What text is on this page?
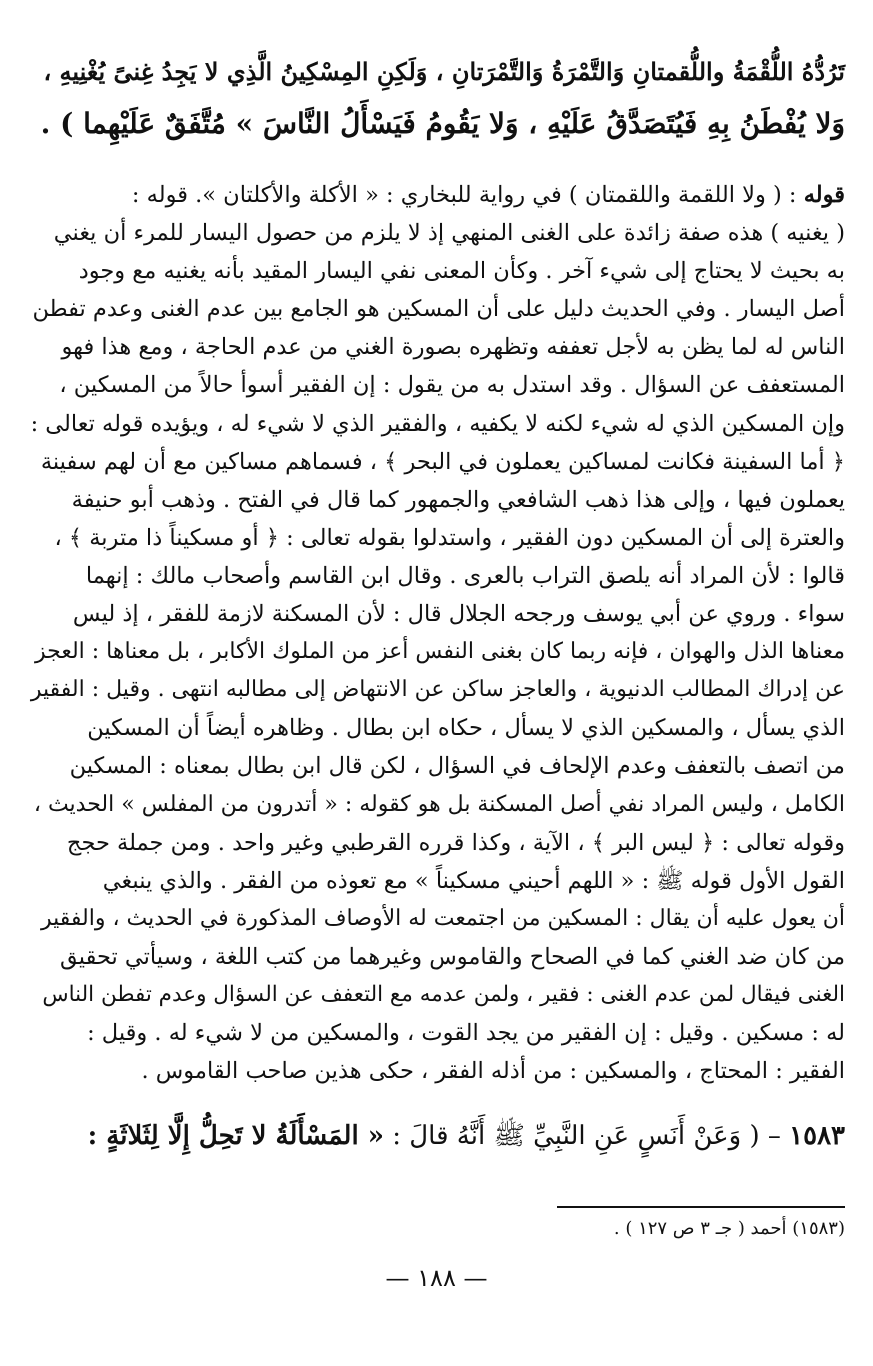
تَرُدُّهُ اللُّقْمَةُ واللُّقمتانِ وَالتَّمْرَةُ وَالتَّمْرَتانِ ، وَلَكِنِ المِسْكِينُ الَّذِي لا يَجِدُ غِنىً يُغْنِيهِ ،

وَلا يُفْطَنُ بِهِ فَيُتَصَدَّقُ عَلَيْهِ ، وَلا يَقُومُ فَيَسْأَلُ النَّاسَ » مُتَّفَقٌ عَلَيْهِما ) .

قوله : ( ولا اللقمة واللقمتان ) في رواية للبخاري : « الأكلة والأكلتان ». قوله :

( يغنيه ) هذه صفة زائدة على الغنى المنهي إذ لا يلزم من حصول اليسار للمرء أن يغني

به بحيث لا يحتاج إلى شيء آخر . وكأن المعنى نفي اليسار المقيد بأنه يغنيه مع وجود

أصل اليسار . وفي الحديث دليل على أن المسكين هو الجامع بين عدم الغنى وعدم تفطن

الناس له لما يظن به لأجل تعففه وتظهره بصورة الغني من عدم الحاجة ، ومع هذا فهو

المستعفف عن السؤال . وقد استدل به من يقول : إن الفقير أسوأ حالاً من المسكين ،

وإن المسكين الذي له شيء لكنه لا يكفيه ، والفقير الذي لا شيء له ، ويؤيده قوله تعالى :

﴿ أما السفينة فكانت لمساكين يعملون في البحر ﴾ ، فسماهم مساكين مع أن لهم سفينة

يعملون فيها ، وإلى هذا ذهب الشافعي والجمهور كما قال في الفتح . وذهب أبو حنيفة

والعترة إلى أن المسكين دون الفقير ، واستدلوا بقوله تعالى : ﴿ أو مسكيناً ذا متربة ﴾ ،

قالوا : لأن المراد أنه يلصق التراب بالعرى . وقال ابن القاسم وأصحاب مالك : إنهما

سواء . وروي عن أبي يوسف ورجحه الجلال قال : لأن المسكنة لازمة للفقر ، إذ ليس

معناها الذل والهوان ، فإنه ربما كان بغنى النفس أعز من الملوك الأكابر ، بل معناها : العجز

عن إدراك المطالب الدنيوية ، والعاجز ساكن عن الانتهاض إلى مطالبه انتهى . وقيل : الفقير

الذي يسأل ، والمسكين الذي لا يسأل ، حكاه ابن بطال . وظاهره أيضاً أن المسكين

من اتصف بالتعفف وعدم الإلحاف في السؤال ، لكن قال ابن بطال بمعناه : المسكين

الكامل ، وليس المراد نفي أصل المسكنة بل هو كقوله : « أتدرون من المفلس » الحديث ،

وقوله تعالى : ﴿ ليس البر ﴾ ، الآية ، وكذا قرره القرطبي وغير واحد . ومن جملة حجج

القول الأول قوله ﷺ : « اللهم أحيني مسكيناً » مع تعوذه من الفقر . والذي ينبغي

أن يعول عليه أن يقال : المسكين من اجتمعت له الأوصاف المذكورة في الحديث ، والفقير

من كان ضد الغني كما في الصحاح والقاموس وغيرهما من كتب اللغة ، وسيأتي تحقيق

الغنى فيقال لمن عدم الغنى : فقير ، ولمن عدمه مع التعفف عن السؤال وعدم تفطن الناس

له : مسكين . وقيل : إن الفقير من يجد القوت ، والمسكين من لا شيء له . وقيل :

الفقير : المحتاج ، والمسكين : من أذله الفقر ، حكى هذين صاحب القاموس .

١٥٨٣ – ( وَعَنْ أَنَسٍ عَنِ النَّبِيِّ ﷺ أَنَّهُ قالَ : « المَسْأَلَةُ لا تَحِلُّ إِلَّا لِثَلاثَةٍ :
(١٥٨٣) أحمد ( جـ ٣ ص ١٢٧ ) .
— ١٨٨ —
